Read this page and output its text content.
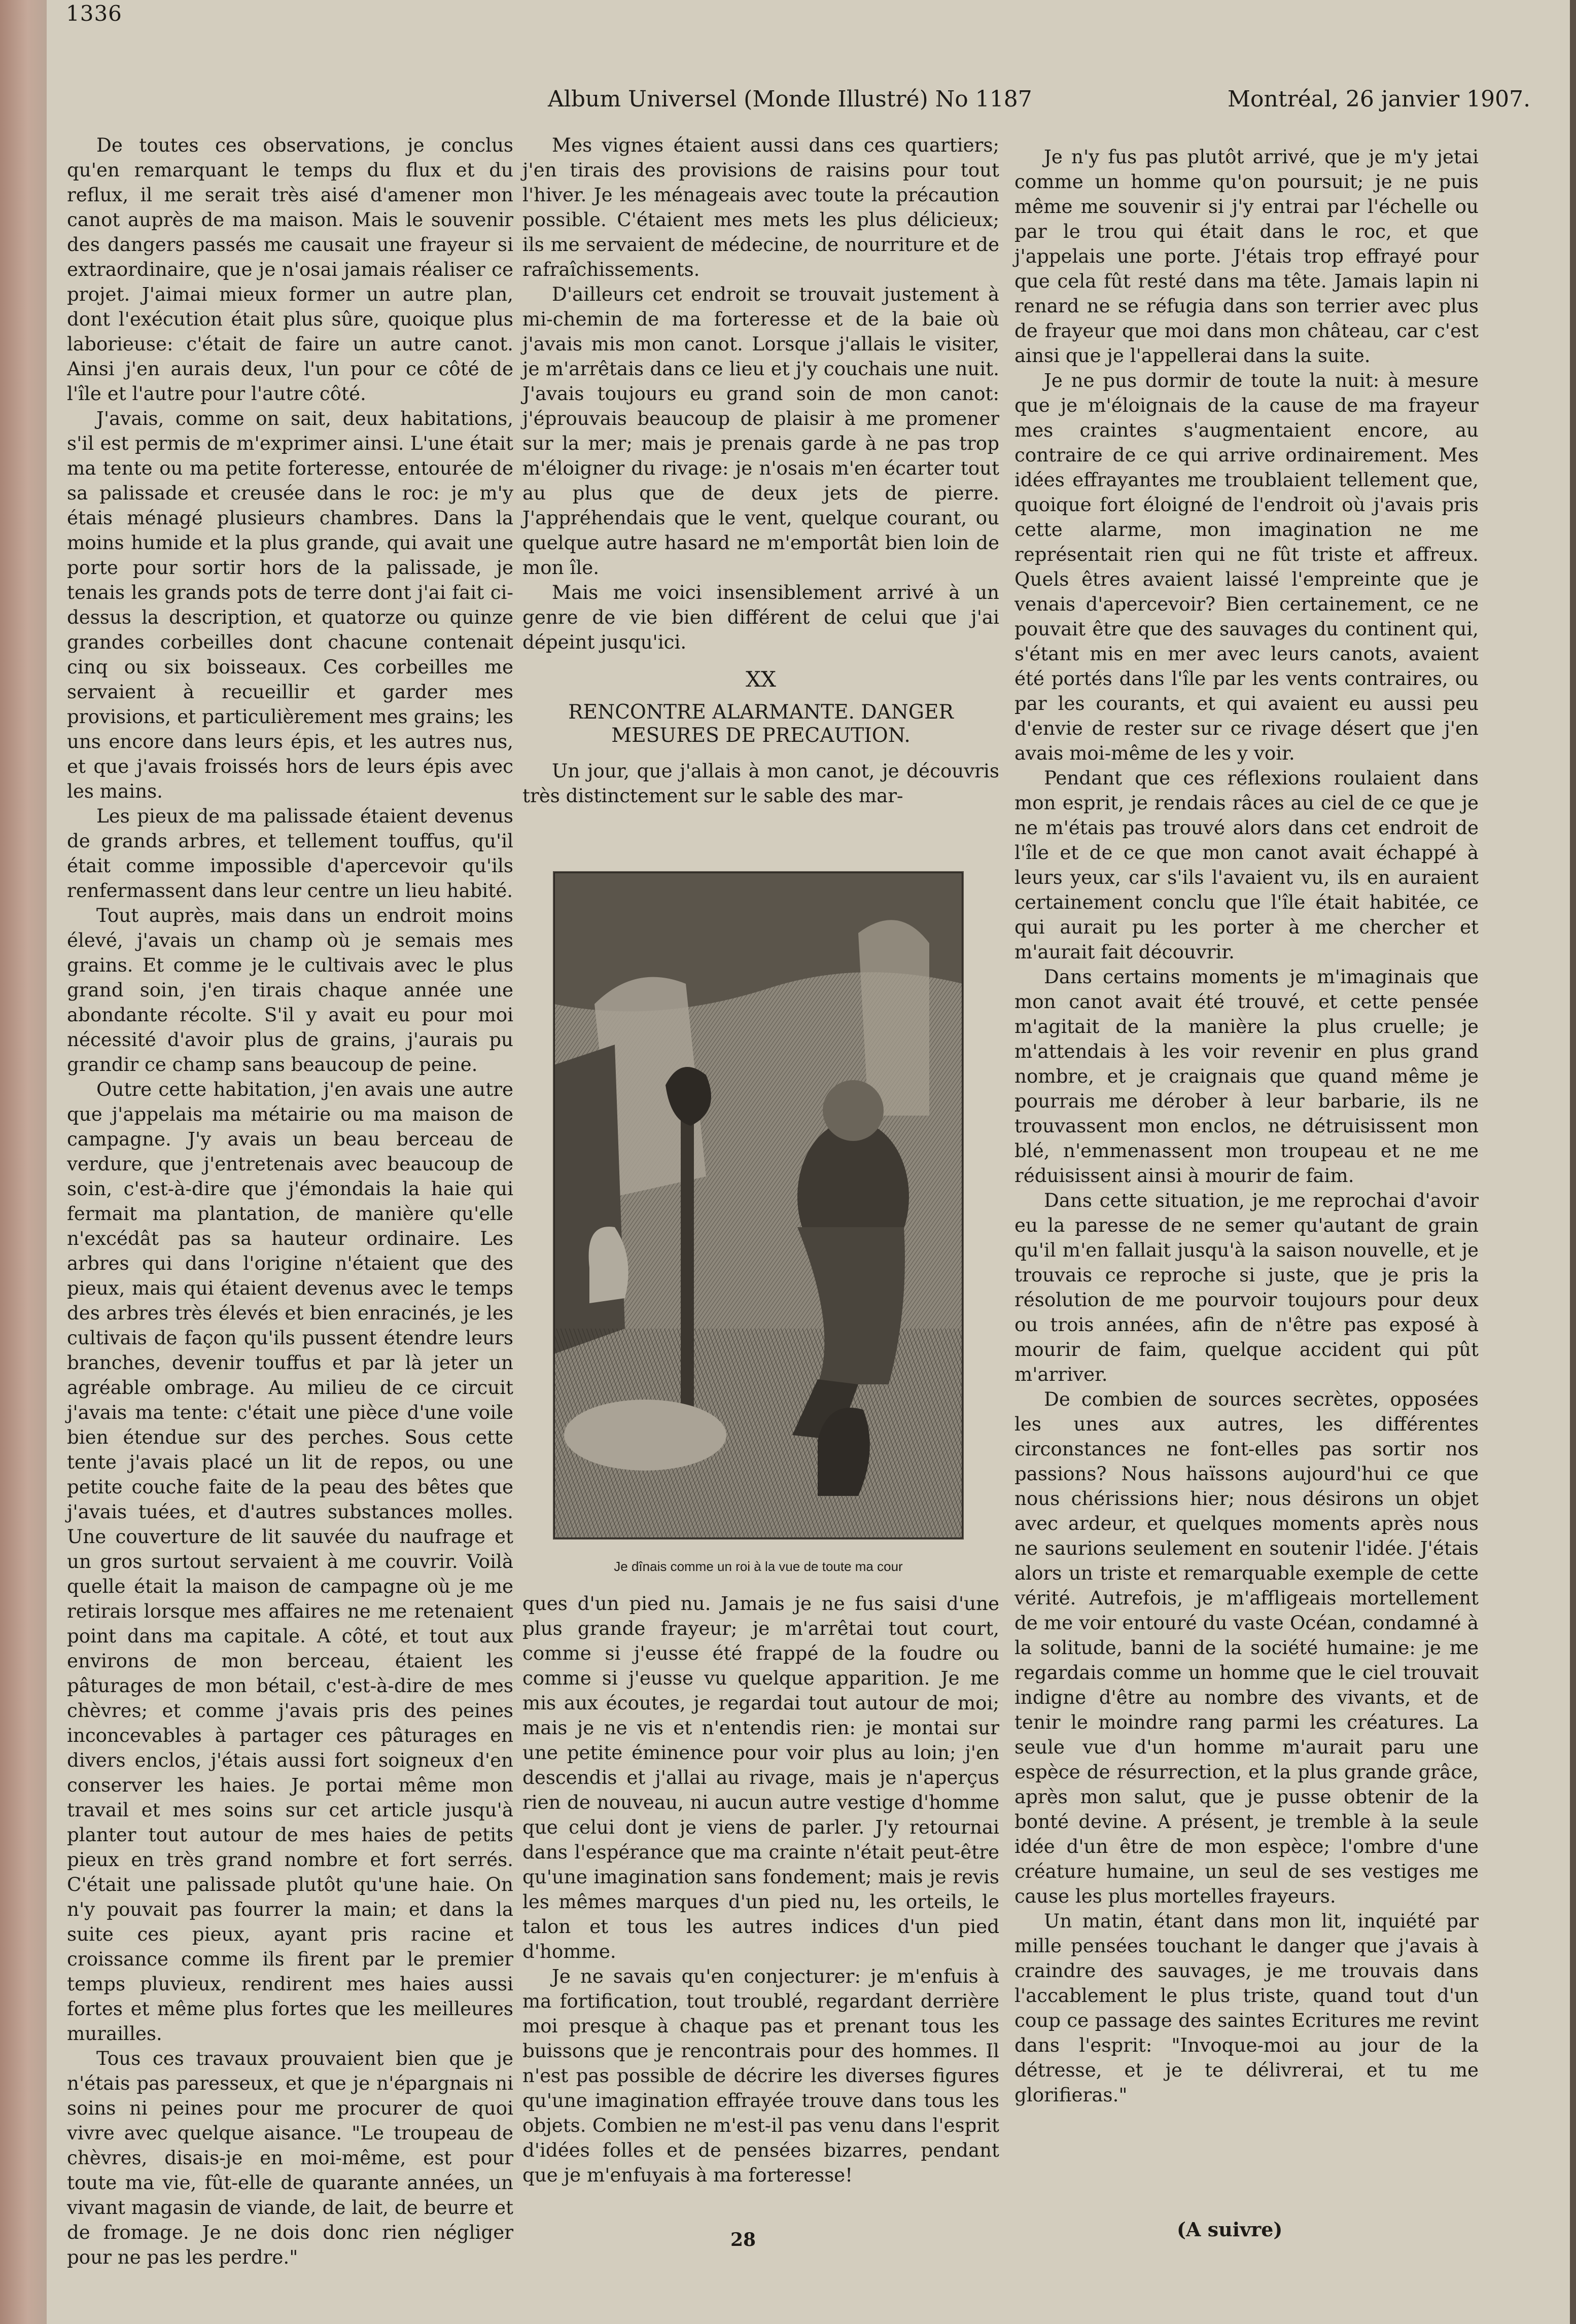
1336
Album Universel (Monde Illustré) No 1187	Montréal, 26 janvier 1907.

De toutes ces observations, je conclus qu'en remarquant le temps du flux et du reflux, il me serait très aisé d'amener mon canot auprès de ma maison. Mais le souvenir des dangers passés me causait une frayeur si extraordinaire, que je n'osai jamais réaliser ce projet. J'aimai mieux former un autre plan, dont l'exécution était plus sûre, quoique plus laborieuse: c'était de faire un autre canot. Ainsi j'en aurais deux, l'un pour ce côté de l'île et l'autre pour l'autre côté.

J'avais, comme on sait, deux habitations, s'il est permis de m'exprimer ainsi. L'une était ma tente ou ma petite forteresse, entourée de sa palissade et creusée dans le roc: je m'y étais ménagé plusieurs chambres. Dans la moins humide et la plus grande, qui avait une porte pour sortir hors de la palissade, je tenais les grands pots de terre dont j'ai fait ci-dessus la description, et quatorze ou quinze grandes corbeilles dont chacune contenait cinq ou six boisseaux. Ces corbeilles me servaient à recueillir et garder mes provisions, et particulièrement mes grains; les uns encore dans leurs épis, et les autres nus, et que j'avais froissés hors de leurs épis avec les mains.

Les pieux de ma palissade étaient devenus de grands arbres, et tellement touffus, qu'il était comme impossible d'apercevoir qu'ils renfermassent dans leur centre un lieu habité.

Tout auprès, mais dans un endroit moins élevé, j'avais un champ où je semais mes grains. Et comme je le cultivais avec le plus grand soin, j'en tirais chaque année une abondante récolte. S'il y avait eu pour moi nécessité d'avoir plus de grains, j'aurais pu grandir ce champ sans beaucoup de peine.

Outre cette habitation, j'en avais une autre que j'appelais ma métairie ou ma maison de campagne. J'y avais un beau berceau de verdure, que j'entretenais avec beaucoup de soin, c'est-à-dire que j'émondais la haie qui fermait ma plantation, de manière qu'elle n'excédât pas sa hauteur ordinaire. Les arbres qui dans l'origine n'étaient que des pieux, mais qui étaient devenus avec le temps des arbres très élevés et bien enracinés, je les cultivais de façon qu'ils pussent étendre leurs branches, devenir touffus et par là jeter un agréable ombrage. Au milieu de ce circuit j'avais ma tente: c'était une pièce d'une voile bien étendue sur des perches. Sous cette tente j'avais placé un lit de repos, ou une petite couche faite de la peau des bêtes que j'avais tuées, et d'autres substances molles. Une couverture de lit sauvée du naufrage et un gros surtout servaient à me couvrir. Voilà quelle était la maison de campagne où je me retirais lorsque mes affaires ne me retenaient point dans ma capitale. A côté, et tout aux environs de mon berceau, étaient les pâturages de mon bétail, c'est-à-dire de mes chèvres; et comme j'avais pris des peines inconcevables à partager ces pâturages en divers enclos, j'étais aussi fort soigneux d'en conserver les haies. Je portai même mon travail et mes soins sur cet article jusqu'à planter tout autour de mes haies de petits pieux en très grand nombre et fort serrés. C'était une palissade plutôt qu'une haie. On n'y pouvait pas fourrer la main; et dans la suite ces pieux, ayant pris racine et croissance comme ils firent par le premier temps pluvieux, rendirent mes haies aussi fortes et même plus fortes que les meilleures murailles.

Tous ces travaux prouvaient bien que je n'étais pas paresseux, et que je n'épargnais ni soins ni peines pour me procurer de quoi vivre avec quelque aisance. "Le troupeau de chèvres, disais-je en moi-même, est pour toute ma vie, fût-elle de quarante années, un vivant magasin de viande, de lait, de beurre et de fromage. Je ne dois donc rien négliger pour ne pas les perdre."

Mes vignes étaient aussi dans ces quartiers; j'en tirais des provisions de raisins pour tout l'hiver. Je les ménageais avec toute la précaution possible. C'étaient mes mets les plus délicieux; ils me servaient de médecine, de nourriture et de rafraîchissements.

D'ailleurs cet endroit se trouvait justement à mi-chemin de ma forteresse et de la baie où j'avais mis mon canot. Lorsque j'allais le visiter, je m'arrêtais dans ce lieu et j'y couchais une nuit. J'avais toujours eu grand soin de mon canot: j'éprouvais beaucoup de plaisir à me promener sur la mer; mais je prenais garde à ne pas trop m'éloigner du rivage: je n'osais m'en écarter tout au plus que de deux jets de pierre. J'appréhendais que le vent, quelque courant, ou quelque autre hasard ne m'emportât bien loin de mon île.

Mais me voici insensiblement arrivé à un genre de vie bien différent de celui que j'ai dépeint jusqu'ici.

XX

RENCONTRE ALARMANTE. DANGER
MESURES DE PRECAUTION.

Un jour, que j'allais à mon canot, je découvris très distinctement sur le sable des mar-

Je dînais comme un roi à la vue de toute ma cour

ques d'un pied nu. Jamais je ne fus saisi d'une plus grande frayeur; je m'arrêtai tout court, comme si j'eusse été frappé de la foudre ou comme si j'eusse vu quelque apparition. Je me mis aux écoutes, je regardai tout autour de moi; mais je ne vis et n'entendis rien: je montai sur une petite éminence pour voir plus au loin; j'en descendis et j'allai au rivage, mais je n'aperçus rien de nouveau, ni aucun autre vestige d'homme que celui dont je viens de parler. J'y retournai dans l'espérance que ma crainte n'était peut-être qu'une imagination sans fondement; mais je revis les mêmes marques d'un pied nu, les orteils, le talon et tous les autres indices d'un pied d'homme.

Je ne savais qu'en conjecturer: je m'enfuis à ma fortification, tout troublé, regardant derrière moi presque à chaque pas et prenant tous les buissons que je rencontrais pour des hommes. Il n'est pas possible de décrire les diverses figures qu'une imagination effrayée trouve dans tous les objets. Combien ne m'est-il pas venu dans l'esprit d'idées folles et de pensées bizarres, pendant que je m'enfuyais à ma forteresse!

Je n'y fus pas plutôt arrivé, que je m'y jetai comme un homme qu'on poursuit; je ne puis même me souvenir si j'y entrai par l'échelle ou par le trou qui était dans le roc, et que j'appelais une porte. J'étais trop effrayé pour que cela fût resté dans ma tête. Jamais lapin ni renard ne se réfugia dans son terrier avec plus de frayeur que moi dans mon château, car c'est ainsi que je l'appellerai dans la suite.

Je ne pus dormir de toute la nuit: à mesure que je m'éloignais de la cause de ma frayeur mes craintes s'augmentaient encore, au contraire de ce qui arrive ordinairement. Mes idées effrayantes me troublaient tellement que, quoique fort éloigné de l'endroit où j'avais pris cette alarme, mon imagination ne me représentait rien qui ne fût triste et affreux. Quels êtres avaient laissé l'empreinte que je venais d'apercevoir? Bien certainement, ce ne pouvait être que des sauvages du continent qui, s'étant mis en mer avec leurs canots, avaient été portés dans l'île par les vents contraires, ou par les courants, et qui avaient eu aussi peu d'envie de rester sur ce rivage désert que j'en avais moi-même de les y voir.

Pendant que ces réflexions roulaient dans mon esprit, je rendais râces au ciel de ce que je ne m'étais pas trouvé alors dans cet endroit de l'île et de ce que mon canot avait échappé à leurs yeux, car s'ils l'avaient vu, ils en auraient certainement conclu que l'île était habitée, ce qui aurait pu les porter à me chercher et m'aurait fait découvrir.

Dans certains moments je m'imaginais que mon canot avait été trouvé, et cette pensée m'agitait de la manière la plus cruelle; je m'attendais à les voir revenir en plus grand nombre, et je craignais que quand même je pourrais me dérober à leur barbarie, ils ne trouvassent mon enclos, ne détruisissent mon blé, n'emmenassent mon troupeau et ne me réduisissent ainsi à mourir de faim.

Dans cette situation, je me reprochai d'avoir eu la paresse de ne semer qu'autant de grain qu'il m'en fallait jusqu'à la saison nouvelle, et je trouvais ce reproche si juste, que je pris la résolution de me pourvoir toujours pour deux ou trois années, afin de n'être pas exposé à mourir de faim, quelque accident qui pût m'arriver.

De combien de sources secrètes, opposées les unes aux autres, les différentes circonstances ne font-elles pas sortir nos passions? Nous haïssons aujourd'hui ce que nous chérissions hier; nous désirons un objet avec ardeur, et quelques moments après nous ne saurions seulement en soutenir l'idée. J'étais alors un triste et remarquable exemple de cette vérité. Autrefois, je m'affligeais mortellement de me voir entouré du vaste Océan, condamné à la solitude, banni de la société humaine: je me regardais comme un homme que le ciel trouvait indigne d'être au nombre des vivants, et de tenir le moindre rang parmi les créatures. La seule vue d'un homme m'aurait paru une espèce de résurrection, et la plus grande grâce, après mon salut, que je pusse obtenir de la bonté devine. A présent, je tremble à la seule idée d'un être de mon espèce; l'ombre d'une créature humaine, un seul de ses vestiges me cause les plus mortelles frayeurs.

Un matin, étant dans mon lit, inquiété par mille pensées touchant le danger que j'avais à craindre des sauvages, je me trouvais dans l'accablement le plus triste, quand tout d'un coup ce passage des saintes Ecritures me revint dans l'esprit: "Invoque-moi au jour de la détresse, et je te délivrerai, et tu me glorifieras."

(A suivre)
28
